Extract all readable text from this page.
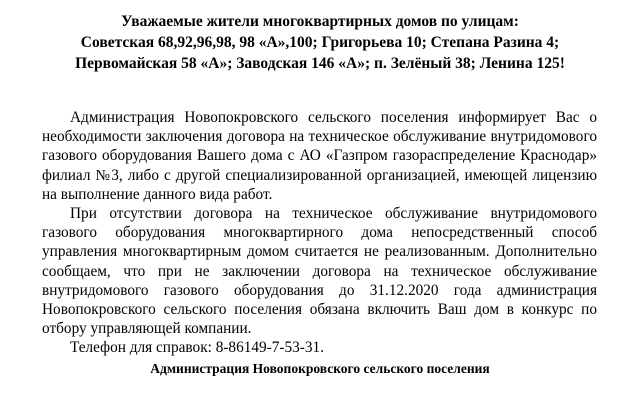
Уважаемые жители многоквартирных домов по улицам:
Советская 68,92,96,98, 98 «А»,100; Григорьева 10; Степана Разина 4;
Первомайская 58 «А»; Заводская 146 «А»; п. Зелёный 38; Ленина 125!

Администрация Новопокровского сельского поселения информирует Вас о необходимости заключения договора на техническое обслуживание внутридомового газового оборудования Вашего дома с АО «Газпром газораспределение Краснодар» филиал №3, либо с другой специализированной организацией, имеющей лицензию на выполнение данного вида работ.

При отсутствии договора на техническое обслуживание внутридомового газового оборудования многоквартирного дома непосредственный способ управления многоквартирным домом считается не реализованным. Дополнительно сообщаем, что при не заключении договора на техническое обслуживание внутридомового газового оборудования до 31.12.2020 года администрация Новопокровского сельского поселения обязана включить Ваш дом в конкурс по отбору управляющей компании.

Телефон для справок: 8-86149-7-53-31.

Администрация Новопокровского сельского поселения
